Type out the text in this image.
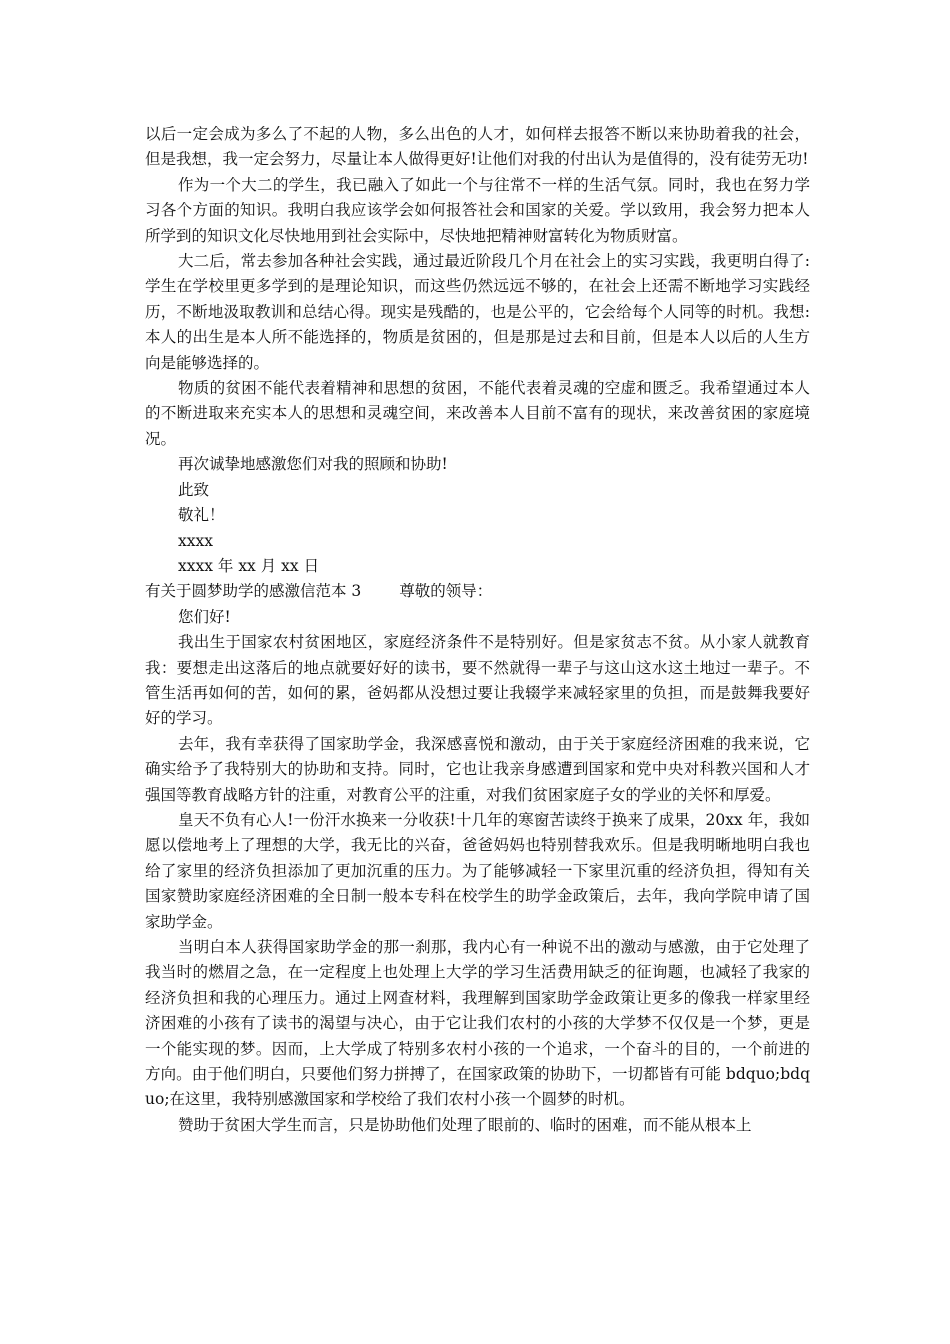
以后一定会成为多么了不起的人物，多么出色的人才，如何样去报答不断以来协助着我的社会，但是我想，我一定会努力，尽量让本人做得更好!让他们对我的付出认为是值得的，没有徒劳无功!

作为一个大二的学生，我已融入了如此一个与往常不一样的生活气氛。同时，我也在努力学习各个方面的知识。我明白我应该学会如何报答社会和国家的关爱。学以致用，我会努力把本人所学到的知识文化尽快地用到社会实际中，尽快地把精神财富转化为物质财富。

大二后，常去参加各种社会实践，通过最近阶段几个月在社会上的实习实践，我更明白得了:学生在学校里更多学到的是理论知识，而这些仍然远远不够的，在社会上还需不断地学习实践经历，不断地汲取教训和总结心得。现实是残酷的，也是公平的，它会给每个人同等的时机。我想:本人的出生是本人所不能选择的，物质是贫困的，但是那是过去和目前，但是本人以后的人生方向是能够选择的。

物质的贫困不能代表着精神和思想的贫困，不能代表着灵魂的空虚和匮乏。我希望通过本人的不断进取来充实本人的思想和灵魂空间，来改善本人目前不富有的现状，来改善贫困的家庭境况。

再次诚挚地感激您们对我的照顾和协助!

此致

敬礼！

xxxx

xxxx 年 xx 月 xx 日

有关于圆梦助学的感激信范本 3 尊敬的领导：

您们好!

我出生于国家农村贫困地区，家庭经济条件不是特别好。但是家贫志不贫。从小家人就教育我：要想走出这落后的地点就要好好的读书，要不然就得一辈子与这山这水这土地过一辈子。不管生活再如何的苦，如何的累，爸妈都从没想过要让我辍学来减轻家里的负担，而是鼓舞我要好好的学习。

去年，我有幸获得了国家助学金，我深感喜悦和激动，由于关于家庭经济困难的我来说，它确实给予了我特别大的协助和支持。同时，它也让我亲身感遭到国家和党中央对科教兴国和人才强国等教育战略方针的注重，对教育公平的注重，对我们贫困家庭子女的学业的关怀和厚爱。

皇天不负有心人!一份汗水换来一分收获!十几年的寒窗苦读终于换来了成果，20xx 年，我如愿以偿地考上了理想的大学，我无比的兴奋，爸爸妈妈也特别替我欢乐。但是我明晰地明白我也给了家里的经济负担添加了更加沉重的压力。为了能够减轻一下家里沉重的经济负担，得知有关国家赞助家庭经济困难的全日制一般本专科在校学生的助学金政策后，去年，我向学院申请了国家助学金。

当明白本人获得国家助学金的那一刹那，我内心有一种说不出的激动与感激，由于它处理了我当时的燃眉之急，在一定程度上也处理上大学的学习生活费用缺乏的征询题，也减轻了我家的经济负担和我的心理压力。通过上网查材料，我理解到国家助学金政策让更多的像我一样家里经济困难的小孩有了读书的渴望与决心，由于它让我们农村的小孩的大学梦不仅仅是一个梦，更是一个能实现的梦。因而，上大学成了特别多农村小孩的一个追求，一个奋斗的目的，一个前进的方向。由于他们明白，只要他们努力拼搏了，在国家政策的协助下，一切都皆有可能 bdquo;bdquo;在这里，我特别感激国家和学校给了我们农村小孩一个圆梦的时机。

赞助于贫困大学生而言，只是协助他们处理了眼前的、临时的困难，而不能从根本上
